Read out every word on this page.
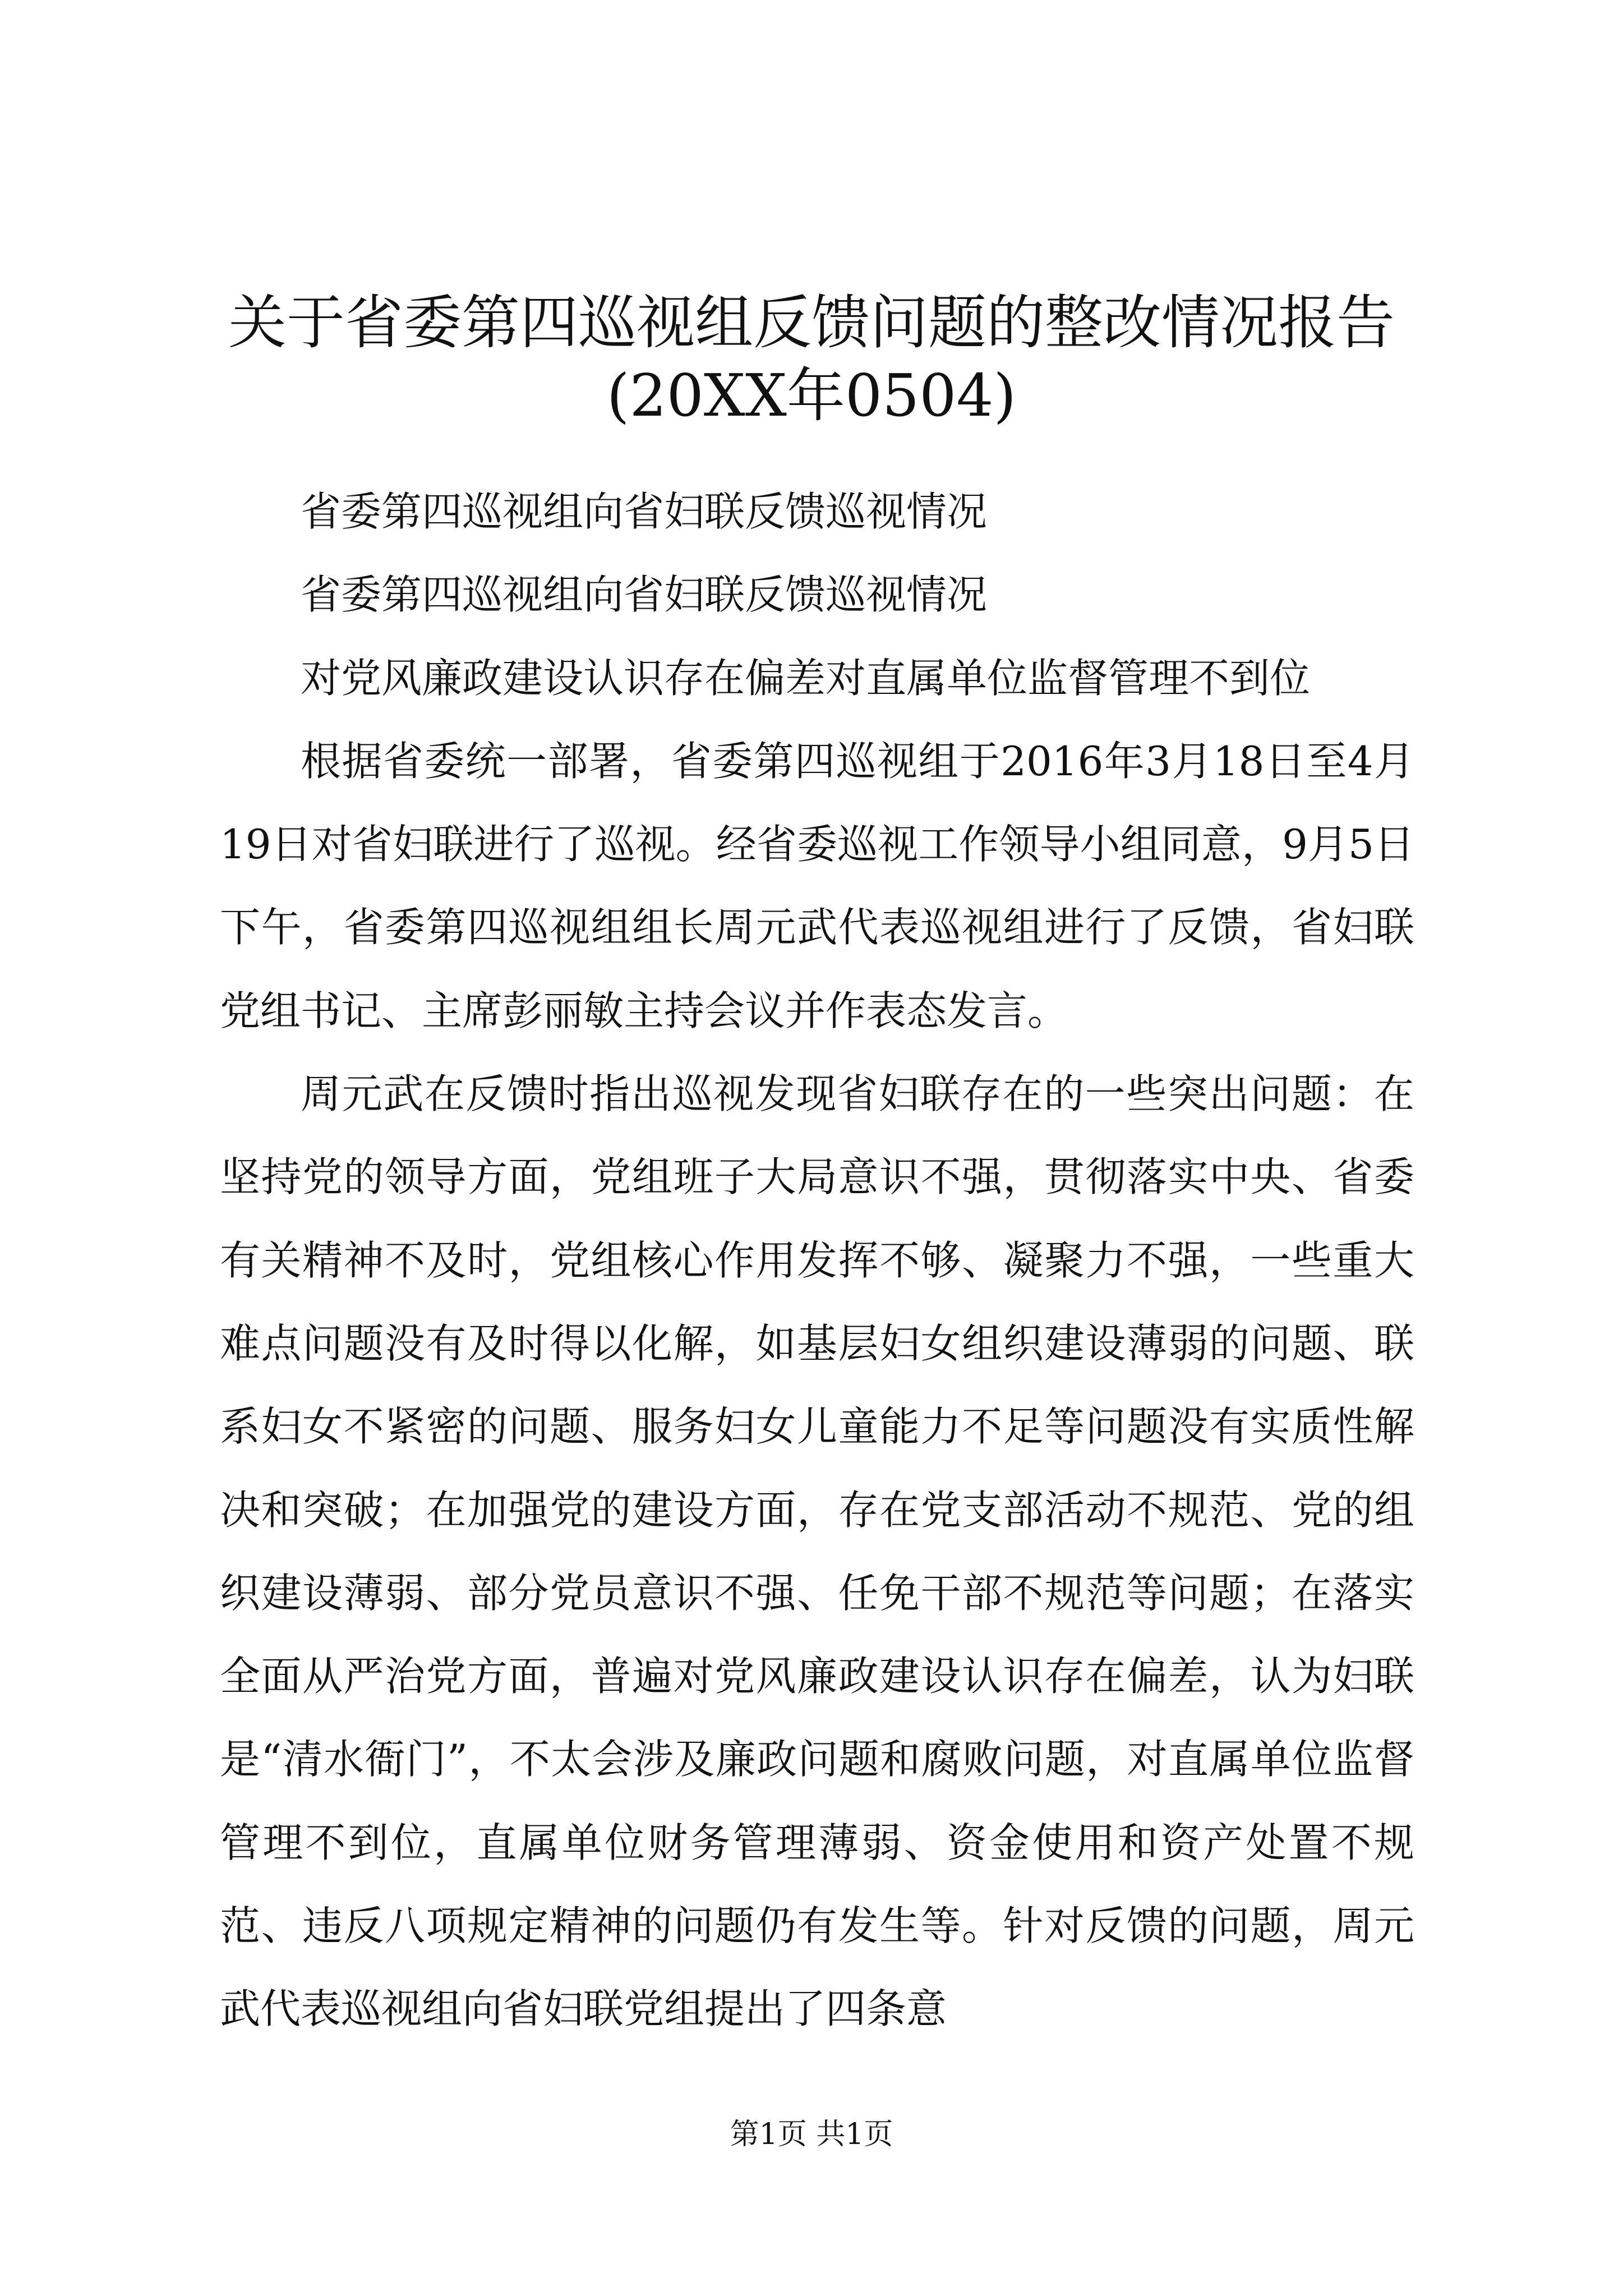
关于省委第四巡视组反馈问题的整改情况报告
(20XX年0504)

省委第四巡视组向省妇联反馈巡视情况

省委第四巡视组向省妇联反馈巡视情况

对党风廉政建设认识存在偏差对直属单位监督管理不到位

根据省委统一部署，省委第四巡视组于2016年3月18日至4月19日对省妇联进行了巡视。经省委巡视工作领导小组同意，9月5日下午，省委第四巡视组组长周元武代表巡视组进行了反馈，省妇联党组书记、主席彭丽敏主持会议并作表态发言。

周元武在反馈时指出巡视发现省妇联存在的一些突出问题：在坚持党的领导方面，党组班子大局意识不强，贯彻落实中央、省委有关精神不及时，党组核心作用发挥不够、凝聚力不强，一些重大难点问题没有及时得以化解，如基层妇女组织建设薄弱的问题、联系妇女不紧密的问题、服务妇女儿童能力不足等问题没有实质性解决和突破；在加强党的建设方面，存在党支部活动不规范、党的组织建设薄弱、部分党员意识不强、任免干部不规范等问题；在落实全面从严治党方面，普遍对党风廉政建设认识存在偏差，认为妇联是“清水衙门”，不太会涉及廉政问题和腐败问题，对直属单位监督管理不到位，直属单位财务管理薄弱、资金使用和资产处置不规范、违反八项规定精神的问题仍有发生等。针对反馈的问题，周元武代表巡视组向省妇联党组提出了四条意

第1页 共1页
